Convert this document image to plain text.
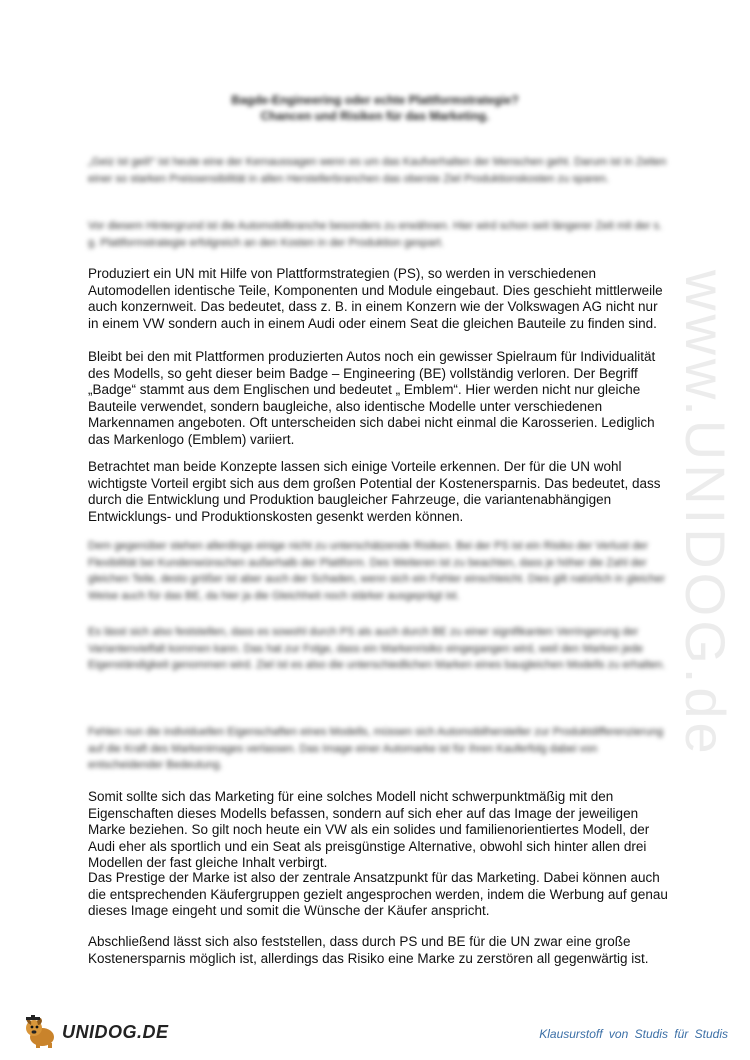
Bagde-Engineering oder echte Plattformstrategie?
Chancen und Risiken für das Marketing.
„Geiz ist geil!“ ist heute eine der Kernaussagen wenn es um das Kaufverhalten der Menschen geht. Darum ist in Zeiten einer so starken Preissensibilität in allen Herstellerbranchen das oberste Ziel Produktionskosten zu sparen.
Vor diesem Hintergrund ist die Automobilbranche besonders zu erwähnen. Hier wird schon seit längerer Zeit mit der s. g. Plattformstrategie erfolgreich an den Kosten in der Produktion gespart.
Produziert ein UN mit Hilfe von Plattformstrategien (PS), so werden in verschiedenen Automodellen identische Teile, Komponenten und Module eingebaut. Dies geschieht mittlerweile auch konzernweit. Das bedeutet, dass z. B. in einem Konzern wie der Volkswagen AG nicht nur in einem VW sondern auch in einem Audi oder einem Seat die gleichen Bauteile zu finden sind.
Bleibt bei den mit Plattformen produzierten Autos noch ein gewisser Spielraum für Individualität des Modells, so geht dieser beim Badge – Engineering (BE) vollständig verloren. Der Begriff „Badge“ stammt aus dem Englischen und bedeutet „ Emblem“. Hier werden nicht nur gleiche Bauteile verwendet, sondern baugleiche, also identische Modelle unter verschiedenen Markennamen angeboten. Oft unterscheiden sich dabei nicht einmal die Karosserien. Lediglich das Markenlogo (Emblem) variiert.
Betrachtet man beide Konzepte lassen sich einige Vorteile erkennen. Der für die UN wohl wichtigste Vorteil ergibt sich aus dem großen Potential der Kostenersparnis. Das bedeutet, dass durch die Entwicklung und Produktion baugleicher Fahrzeuge, die variantenabhängigen Entwicklungs- und Produktionskosten gesenkt werden können.
Dem gegenüber stehen allerdings einige nicht zu unterschätzende Risiken. Bei der PS ist ein Risiko der Verlust der Flexibilität bei Kundenwünschen außerhalb der Plattform. Des Weiteren ist zu beachten, dass je höher die Zahl der gleichen Teile, desto größer ist aber auch der Schaden, wenn sich ein Fehler einschleicht. Dies gilt natürlich in gleicher Weise auch für das BE, da hier ja die Gleichheit noch stärker ausgeprägt ist.
Es lässt sich also feststellen, dass es sowohl durch PS als auch durch BE zu einer signifikanten Verringerung der Variantenvielfalt kommen kann. Das hat zur Folge, dass ein Markenrisiko eingegangen wird, weil den Marken jede Eigenständigkeit genommen wird. Ziel ist es also die unterschiedlichen Marken eines baugleichen Modells zu erhalten.
Fehlen nun die individuellen Eigenschaften eines Modells, müssen sich Automobilhersteller zur Produktdifferenzierung auf die Kraft des Markenimages verlassen. Das Image einer Automarke ist für ihren Kauferfolg dabei von entscheidender Bedeutung.
Somit sollte sich das Marketing für eine solches Modell nicht schwerpunktmäßig mit den Eigenschaften dieses Modells befassen, sondern auf sich eher auf das Image der jeweiligen Marke beziehen. So gilt noch heute ein VW als ein solides und familienorientiertes Modell, der Audi eher als sportlich und ein Seat als preisgünstige Alternative, obwohl sich hinter allen drei Modellen der fast gleiche Inhalt verbirgt.
Das Prestige der Marke ist also der zentrale Ansatzpunkt für das Marketing. Dabei können auch die entsprechenden Käufergruppen gezielt angesprochen werden, indem die Werbung auf genau dieses Image eingeht und somit die Wünsche der Käufer anspricht.
Abschließend lässt sich also feststellen, dass durch PS und BE für die UN zwar eine große Kostenersparnis möglich ist, allerdings das Risiko eine Marke zu zerstören all gegenwärtig ist.
www.UNIDOG.de
UNIDOG.DE	Klausurstoff von Studis für Studis
